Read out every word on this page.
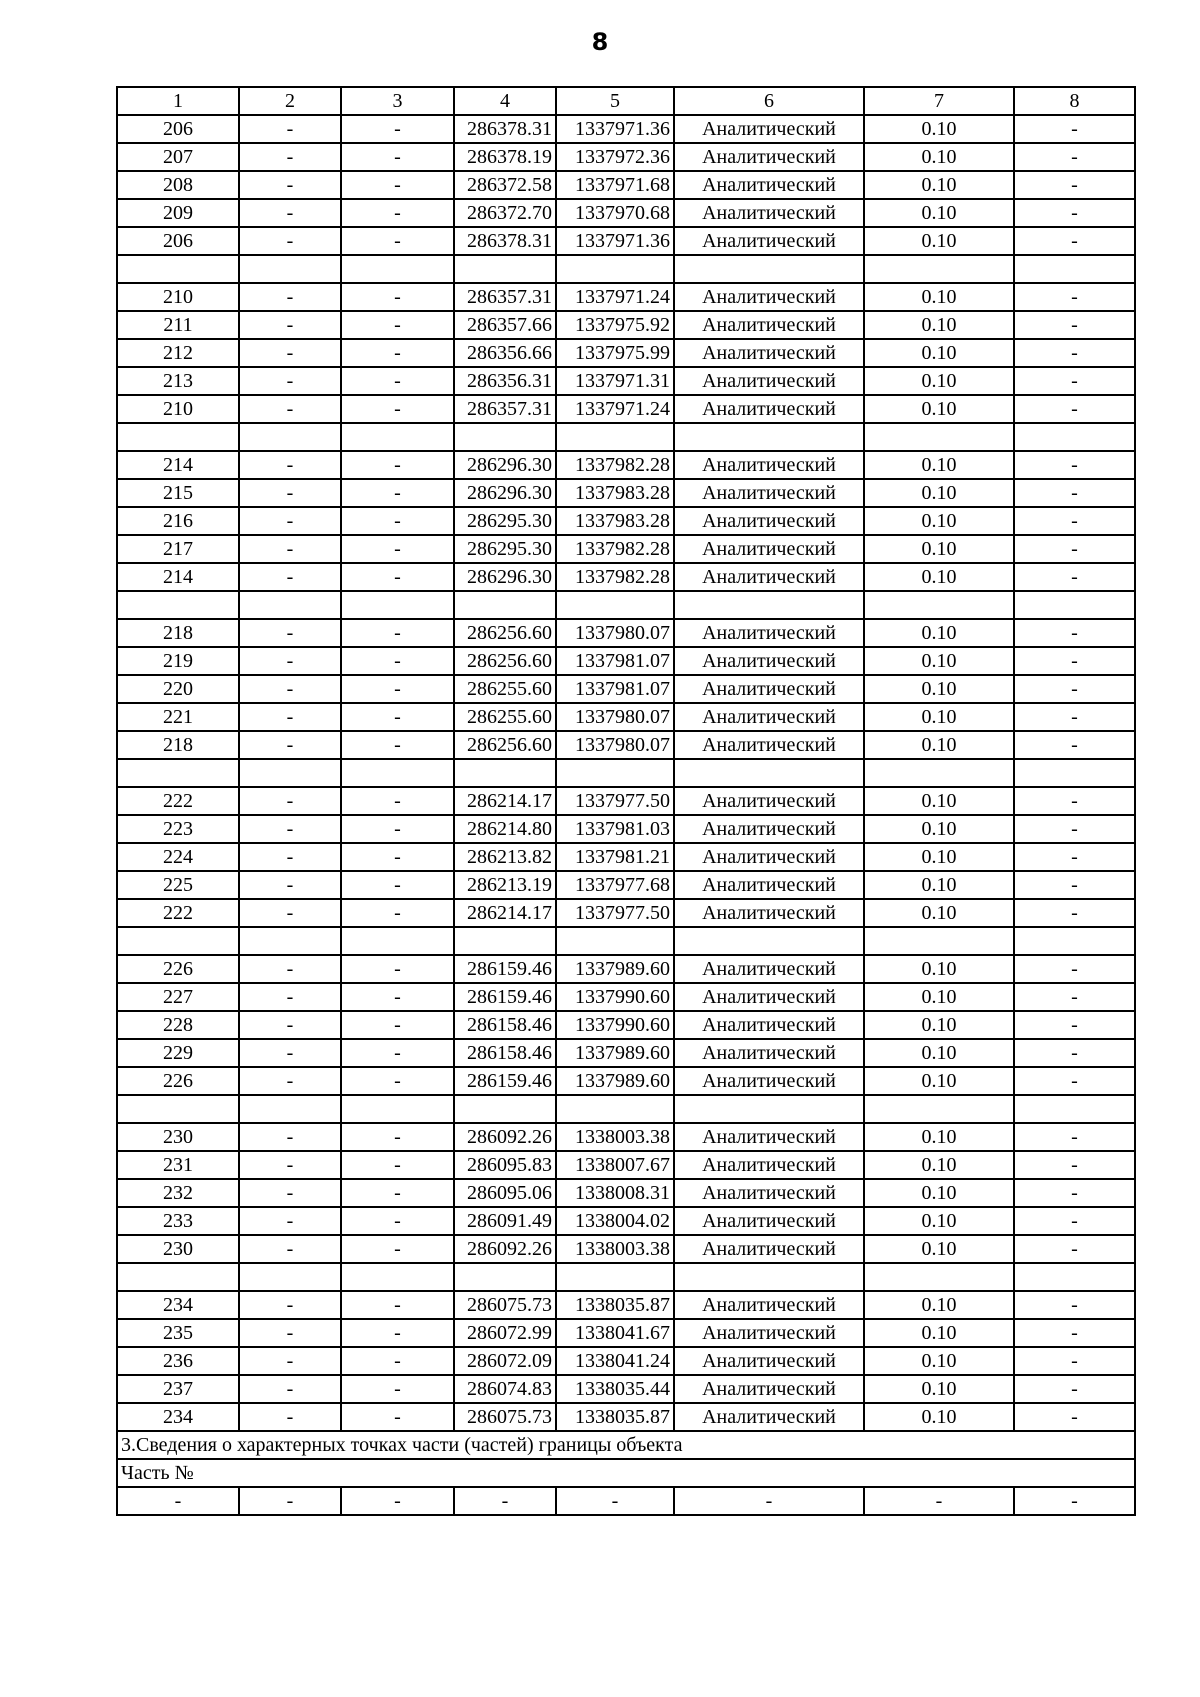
8
1	2	3	4	5	6	7	8
206	-	-	286378.31	1337971.36	Аналитический	0.10	-
207	-	-	286378.19	1337972.36	Аналитический	0.10	-
208	-	-	286372.58	1337971.68	Аналитический	0.10	-
209	-	-	286372.70	1337970.68	Аналитический	0.10	-
206	-	-	286378.31	1337971.36	Аналитический	0.10	-

210	-	-	286357.31	1337971.24	Аналитический	0.10	-
211	-	-	286357.66	1337975.92	Аналитический	0.10	-
212	-	-	286356.66	1337975.99	Аналитический	0.10	-
213	-	-	286356.31	1337971.31	Аналитический	0.10	-
210	-	-	286357.31	1337971.24	Аналитический	0.10	-

214	-	-	286296.30	1337982.28	Аналитический	0.10	-
215	-	-	286296.30	1337983.28	Аналитический	0.10	-
216	-	-	286295.30	1337983.28	Аналитический	0.10	-
217	-	-	286295.30	1337982.28	Аналитический	0.10	-
214	-	-	286296.30	1337982.28	Аналитический	0.10	-

218	-	-	286256.60	1337980.07	Аналитический	0.10	-
219	-	-	286256.60	1337981.07	Аналитический	0.10	-
220	-	-	286255.60	1337981.07	Аналитический	0.10	-
221	-	-	286255.60	1337980.07	Аналитический	0.10	-
218	-	-	286256.60	1337980.07	Аналитический	0.10	-

222	-	-	286214.17	1337977.50	Аналитический	0.10	-
223	-	-	286214.80	1337981.03	Аналитический	0.10	-
224	-	-	286213.82	1337981.21	Аналитический	0.10	-
225	-	-	286213.19	1337977.68	Аналитический	0.10	-
222	-	-	286214.17	1337977.50	Аналитический	0.10	-

226	-	-	286159.46	1337989.60	Аналитический	0.10	-
227	-	-	286159.46	1337990.60	Аналитический	0.10	-
228	-	-	286158.46	1337990.60	Аналитический	0.10	-
229	-	-	286158.46	1337989.60	Аналитический	0.10	-
226	-	-	286159.46	1337989.60	Аналитический	0.10	-

230	-	-	286092.26	1338003.38	Аналитический	0.10	-
231	-	-	286095.83	1338007.67	Аналитический	0.10	-
232	-	-	286095.06	1338008.31	Аналитический	0.10	-
233	-	-	286091.49	1338004.02	Аналитический	0.10	-
230	-	-	286092.26	1338003.38	Аналитический	0.10	-

234	-	-	286075.73	1338035.87	Аналитический	0.10	-
235	-	-	286072.99	1338041.67	Аналитический	0.10	-
236	-	-	286072.09	1338041.24	Аналитический	0.10	-
237	-	-	286074.83	1338035.44	Аналитический	0.10	-
234	-	-	286075.73	1338035.87	Аналитический	0.10	-
3.Сведения о характерных точках части (частей) границы объекта							
Часть №							
-	-	-	-	-	-	-	-
